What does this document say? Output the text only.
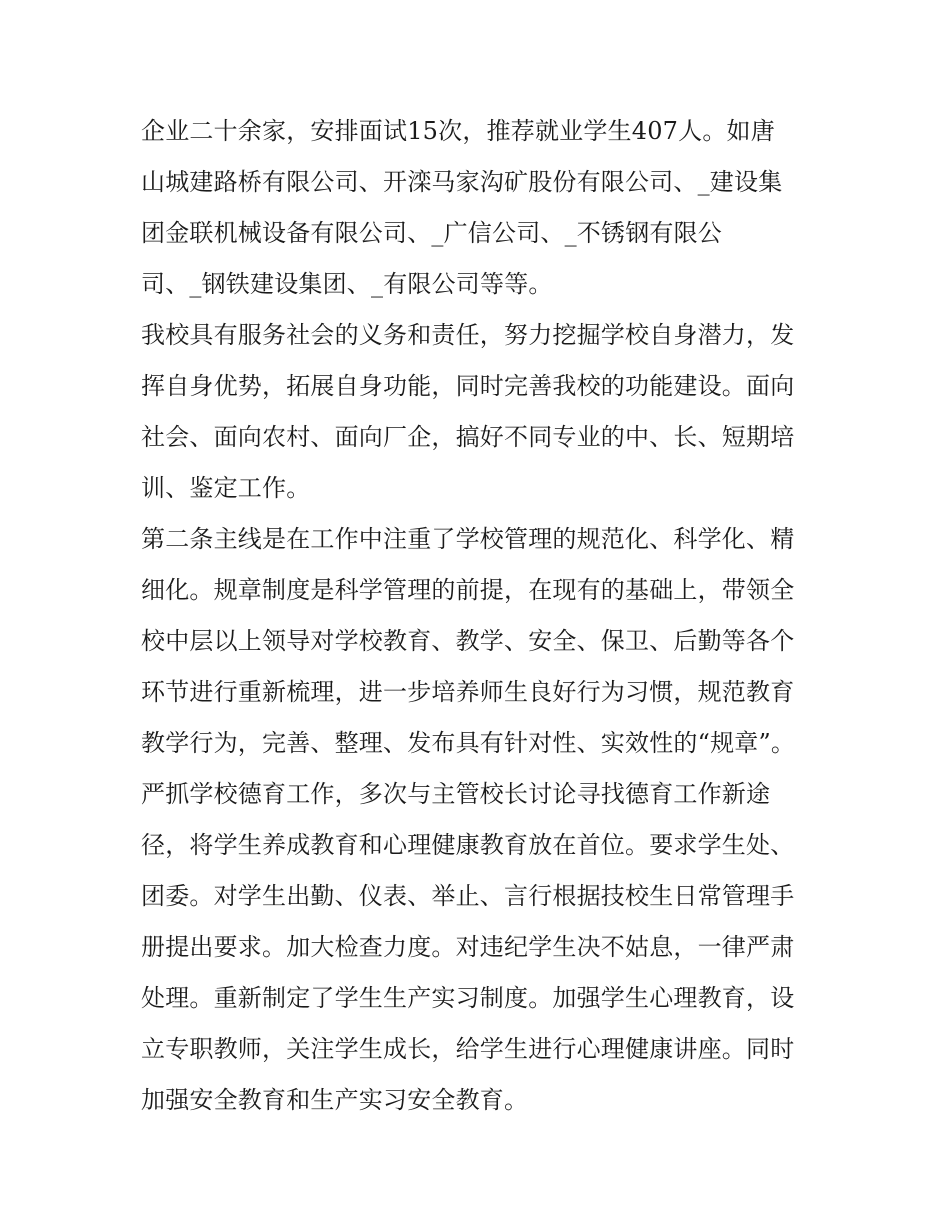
企业二十余家，安排面试15次，推荐就业学生407人。如唐
山城建路桥有限公司、开滦马家沟矿股份有限公司、_建设集
团金联机械设备有限公司、_广信公司、_不锈钢有限公
司、_钢铁建设集团、_有限公司等等。
我校具有服务社会的义务和责任，努力挖掘学校自身潜力，发
挥自身优势，拓展自身功能，同时完善我校的功能建设。面向
社会、面向农村、面向厂企，搞好不同专业的中、长、短期培
训、鉴定工作。
第二条主线是在工作中注重了学校管理的规范化、科学化、精
细化。规章制度是科学管理的前提，在现有的基础上，带领全
校中层以上领导对学校教育、教学、安全、保卫、后勤等各个
环节进行重新梳理，进一步培养师生良好行为习惯，规范教育
教学行为，完善、整理、发布具有针对性、实效性的“规章”。
严抓学校德育工作，多次与主管校长讨论寻找德育工作新途
径，将学生养成教育和心理健康教育放在首位。要求学生处、
团委。对学生出勤、仪表、举止、言行根据技校生日常管理手
册提出要求。加大检查力度。对违纪学生决不姑息，一律严肃
处理。重新制定了学生生产实习制度。加强学生心理教育，设
立专职教师，关注学生成长，给学生进行心理健康讲座。同时
加强安全教育和生产实习安全教育。
